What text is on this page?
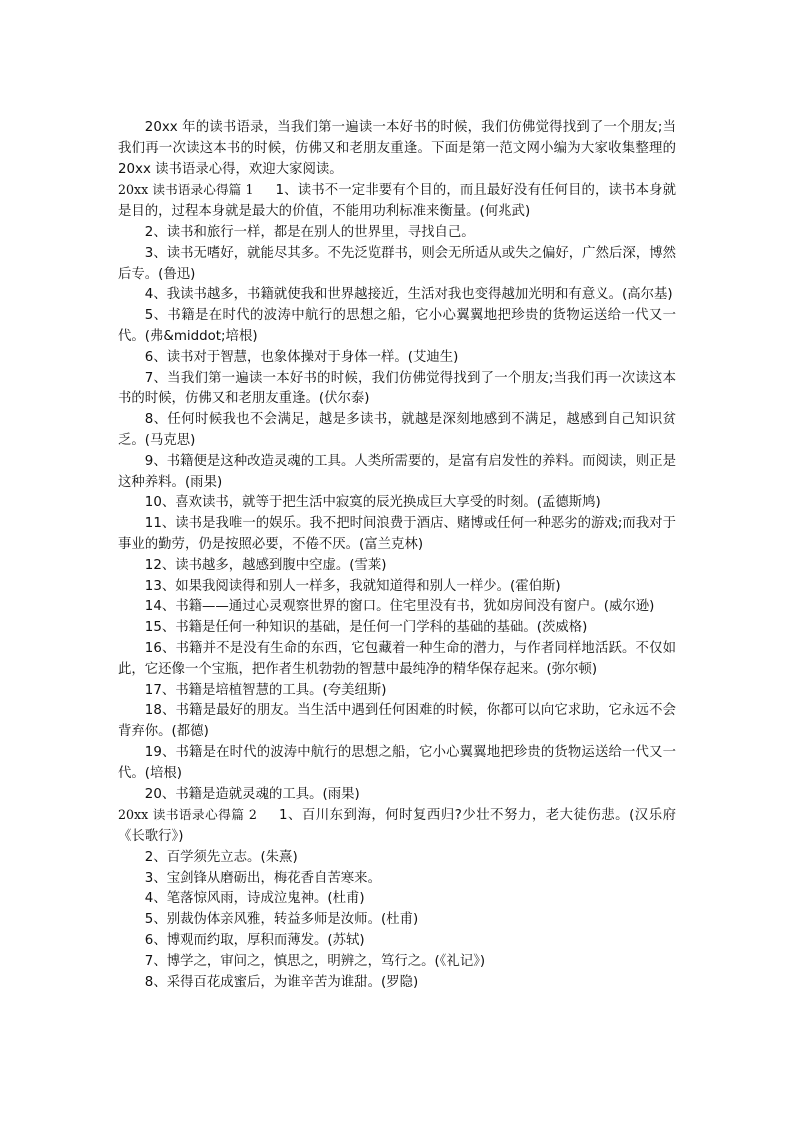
20xx 年的读书语录，当我们第一遍读一本好书的时候，我们仿佛觉得找到了一个朋友;当我们再一次读这本书的时候，仿佛又和老朋友重逢。下面是第一范文网小编为大家收集整理的 20xx 读书语录心得，欢迎大家阅读。

20xx 读书语录心得篇 1 1、读书不一定非要有个目的，而且最好没有任何目的，读书本身就是目的，过程本身就是最大的价值，不能用功利标准来衡量。(何兆武)

2、读书和旅行一样，都是在别人的世界里，寻找自己。

3、读书无嗜好，就能尽其多。不先泛览群书，则会无所适从或失之偏好，广然后深，博然后专。(鲁迅)

4、我读书越多，书籍就使我和世界越接近，生活对我也变得越加光明和有意义。(高尔基)

5、书籍是在时代的波涛中航行的思想之船，它小心翼翼地把珍贵的货物运送给一代又一代。(弗&middot;培根)

6、读书对于智慧，也象体操对于身体一样。(艾迪生)

7、当我们第一遍读一本好书的时候，我们仿佛觉得找到了一个朋友;当我们再一次读这本书的时候，仿佛又和老朋友重逢。(伏尔泰)

8、任何时候我也不会满足，越是多读书，就越是深刻地感到不满足，越感到自己知识贫乏。(马克思)

9、书籍便是这种改造灵魂的工具。人类所需要的，是富有启发性的养料。而阅读，则正是这种养料。(雨果)

10、喜欢读书，就等于把生活中寂寞的辰光换成巨大享受的时刻。(孟德斯鸠)

11、读书是我唯一的娱乐。我不把时间浪费于酒店、赌博或任何一种恶劣的游戏;而我对于事业的勤劳，仍是按照必要，不倦不厌。(富兰克林)

12、读书越多，越感到腹中空虚。(雪莱)

13、如果我阅读得和别人一样多，我就知道得和别人一样少。(霍伯斯)

14、书籍——通过心灵观察世界的窗口。住宅里没有书，犹如房间没有窗户。(威尔逊)

15、书籍是任何一种知识的基础，是任何一门学科的基础的基础。(茨威格)

16、书籍并不是没有生命的东西，它包藏着一种生命的潜力，与作者同样地活跃。不仅如此，它还像一个宝瓶，把作者生机勃勃的智慧中最纯净的精华保存起来。(弥尔顿)

17、书籍是培植智慧的工具。(夸美纽斯)

18、书籍是最好的朋友。当生活中遇到任何困难的时候，你都可以向它求助，它永远不会背弃你。(都德)

19、书籍是在时代的波涛中航行的思想之船，它小心翼翼地把珍贵的货物运送给一代又一代。(培根)

20、书籍是造就灵魂的工具。(雨果)

20xx 读书语录心得篇 2 1、百川东到海，何时复西归?少壮不努力，老大徒伤悲。(汉乐府《长歌行》)

2、百学须先立志。(朱熹)

3、宝剑锋从磨砺出，梅花香自苦寒来。

4、笔落惊风雨，诗成泣鬼神。(杜甫)

5、别裁伪体亲风雅，转益多师是汝师。(杜甫)

6、博观而约取，厚积而薄发。(苏轼)

7、博学之，审问之，慎思之，明辨之，笃行之。(《礼记》)

8、采得百花成蜜后，为谁辛苦为谁甜。(罗隐)
